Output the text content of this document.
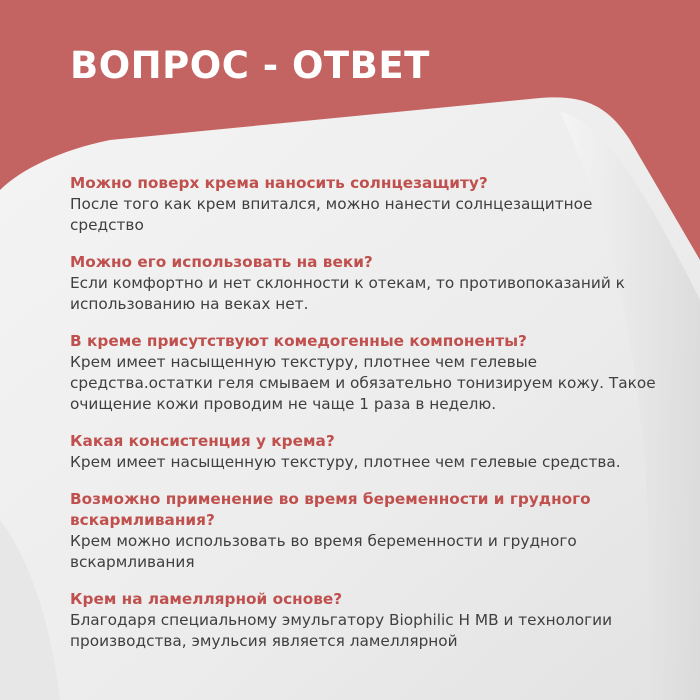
ВОПРОС - ОТВЕТ

Можно поверх крема наносить солнцезащиту?

После того как крем впитался, можно нанести солнцезащитное средство

Можно его использовать на веки?

Если комфортно и нет склонности к отекам, то противопоказаний к использованию на веках нет.

В креме присутствуют комедогенные компоненты?

Крем имеет насыщенную текстуру, плотнее чем гелевые средства.остатки геля смываем и обязательно тонизируем кожу. Такое очищение кожи проводим не чаще 1 раза в неделю.

Какая консистенция у крема?

Крем имеет насыщенную текстуру, плотнее чем гелевые средства.

Возможно применение во время беременности и грудного вскармливания?

Крем можно использовать во время беременности и грудного вскармливания

Крем на ламеллярной основе?

Благодаря специальному эмульгатору Biophilic H MB и технологии производства, эмульсия является ламеллярной
